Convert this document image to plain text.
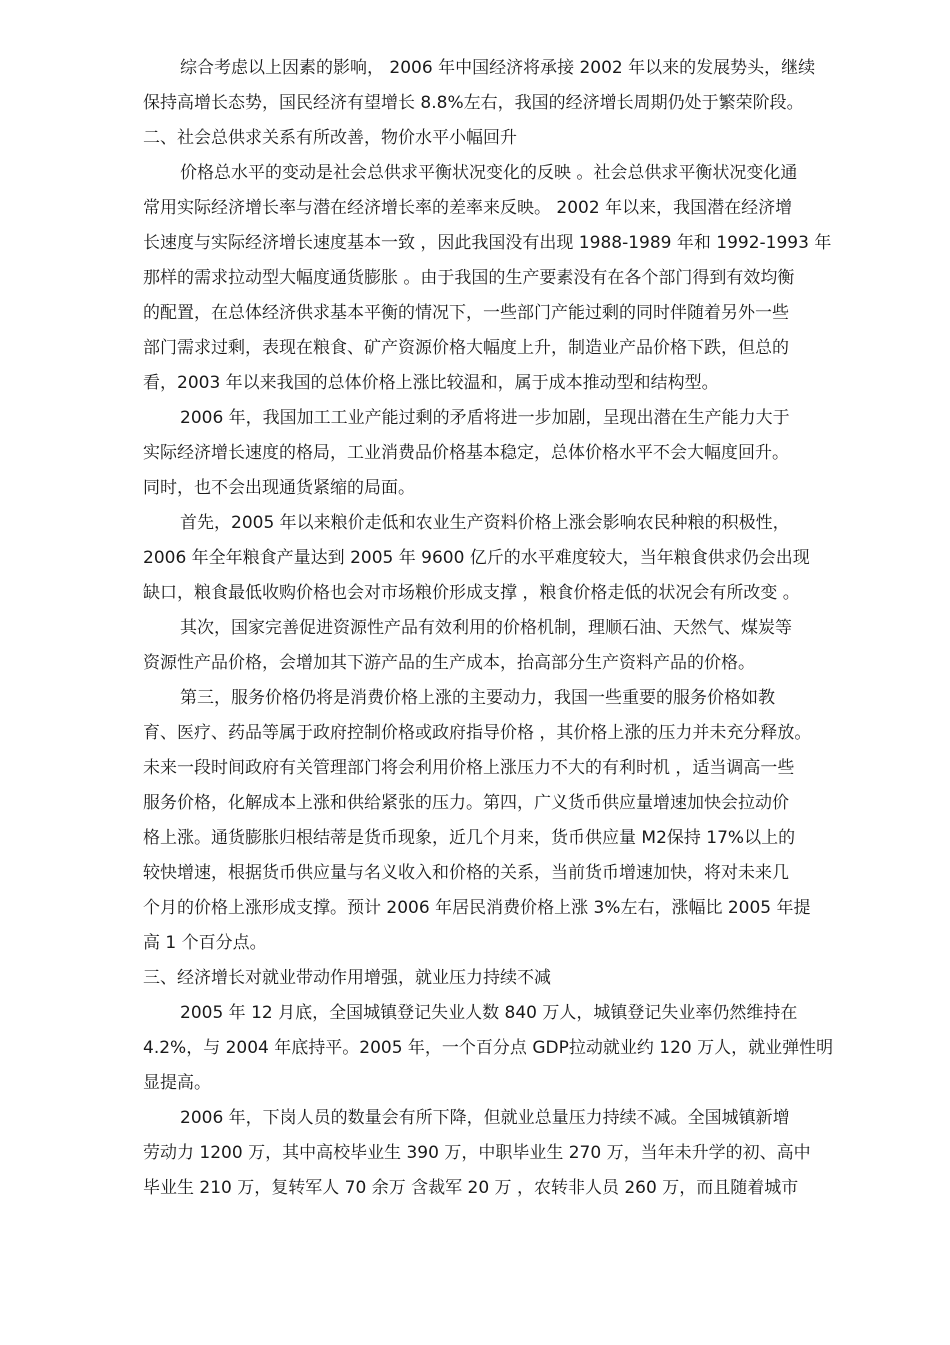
综合考虑以上因素的影响， 2006 年中国经济将承接 2002 年以来的发展势头，继续
保持高增长态势，国民经济有望增长 8.8%左右，我国的经济增长周期仍处于繁荣阶段。
二、社会总供求关系有所改善，物价水平小幅回升
价格总水平的变动是社会总供求平衡状况变化的反映 。社会总供求平衡状况变化通
常用实际经济增长率与潜在经济增长率的差率来反映。 2002 年以来，我国潜在经济增
长速度与实际经济增长速度基本一致 ，因此我国没有出现 1988-1989 年和 1992-1993 年
那样的需求拉动型大幅度通货膨胀 。由于我国的生产要素没有在各个部门得到有效均衡
的配置，在总体经济供求基本平衡的情况下，一些部门产能过剩的同时伴随着另外一些
部门需求过剩，表现在粮食、矿产资源价格大幅度上升，制造业产品价格下跌，但总的
看，2003 年以来我国的总体价格上涨比较温和，属于成本推动型和结构型。
2006 年，我国加工工业产能过剩的矛盾将进一步加剧，呈现出潜在生产能力大于
实际经济增长速度的格局，工业消费品价格基本稳定，总体价格水平不会大幅度回升。
同时，也不会出现通货紧缩的局面。
首先，2005 年以来粮价走低和农业生产资料价格上涨会影响农民种粮的积极性，
2006 年全年粮食产量达到 2005 年 9600 亿斤的水平难度较大，当年粮食供求仍会出现
缺口，粮食最低收购价格也会对市场粮价形成支撑 ，粮食价格走低的状况会有所改变 。
其次，国家完善促进资源性产品有效利用的价格机制，理顺石油、天然气、煤炭等
资源性产品价格，会增加其下游产品的生产成本，抬高部分生产资料产品的价格。
第三，服务价格仍将是消费价格上涨的主要动力，我国一些重要的服务价格如教
育、医疗、药品等属于政府控制价格或政府指导价格 ，其价格上涨的压力并未充分释放。
未来一段时间政府有关管理部门将会利用价格上涨压力不大的有利时机 ，适当调高一些
服务价格，化解成本上涨和供给紧张的压力。第四，广义货币供应量增速加快会拉动价
格上涨。通货膨胀归根结蒂是货币现象，近几个月来，货币供应量 M2保持 17%以上的
较快增速，根据货币供应量与名义收入和价格的关系，当前货币增速加快，将对未来几
个月的价格上涨形成支撑。预计 2006 年居民消费价格上涨 3%左右，涨幅比 2005 年提
高 1 个百分点。
三、经济增长对就业带动作用增强，就业压力持续不减
2005 年 12 月底，全国城镇登记失业人数 840 万人，城镇登记失业率仍然维持在
4.2%，与 2004 年底持平。2005 年，一个百分点 GDP拉动就业约 120 万人，就业弹性明
显提高。
2006 年，下岗人员的数量会有所下降，但就业总量压力持续不减。全国城镇新增
劳动力 1200 万，其中高校毕业生 390 万，中职毕业生 270 万，当年未升学的初、高中
毕业生 210 万，复转军人 70 余万 含裁军 20 万 ，农转非人员 260 万，而且随着城市
